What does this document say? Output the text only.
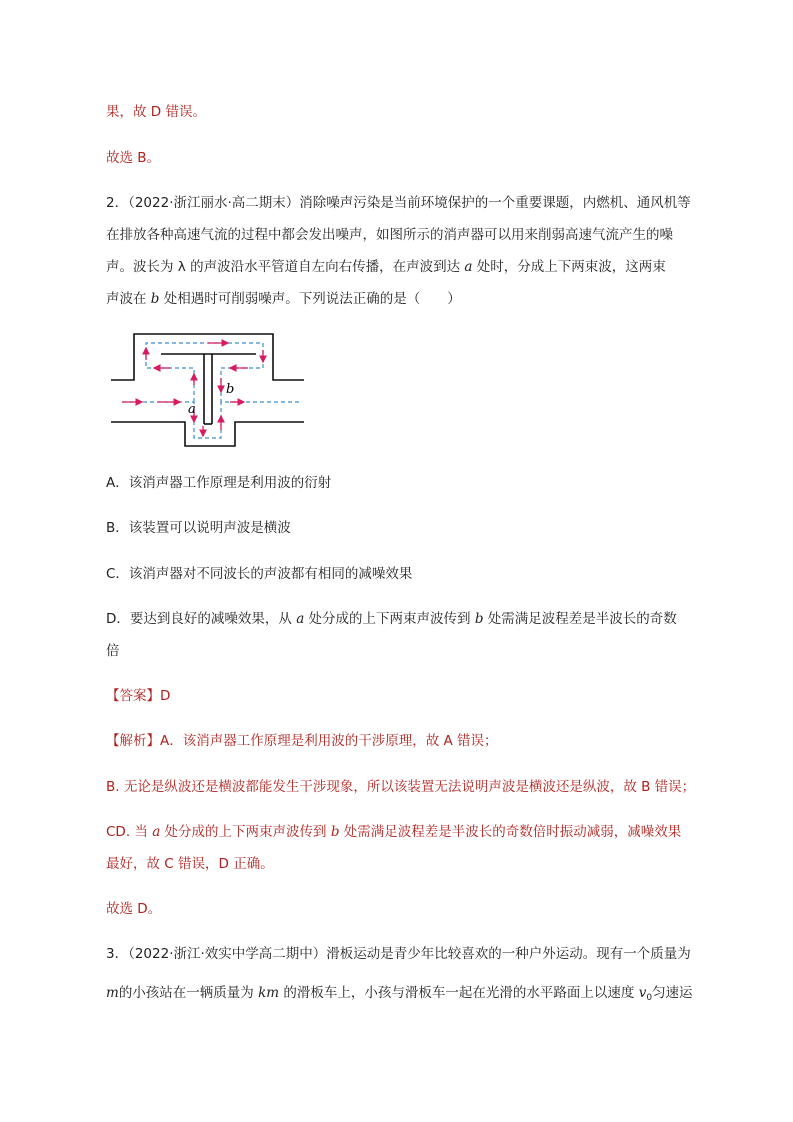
果，故 D 错误。
故选 B。
2．（2022·浙江丽水·高二期末）消除噪声污染是当前环境保护的一个重要课题，内燃机、通风机等
在排放各种高速气流的过程中都会发出噪声，如图所示的消声器可以用来削弱高速气流产生的噪
声。波长为 λ 的声波沿水平管道自左向右传播，在声波到达 a 处时，分成上下两束波，这两束
声波在 b 处相遇时可削弱噪声。下列说法正确的是（　　）
a
b
A．该消声器工作原理是利用波的衍射
B．该装置可以说明声波是横波
C．该消声器对不同波长的声波都有相同的减噪效果
D．要达到良好的减噪效果，从 a 处分成的上下两束声波传到 b 处需满足波程差是半波长的奇数
倍
【答案】D
【解析】A．该消声器工作原理是利用波的干涉原理，故 A 错误；
B. 无论是纵波还是横波都能发生干涉现象，所以该装置无法说明声波是横波还是纵波，故 B 错误；
CD. 当 a 处分成的上下两束声波传到 b 处需满足波程差是半波长的奇数倍时振动减弱，减噪效果
最好，故 C 错误，D 正确。
故选 D。
3．（2022·浙江·效实中学高二期中）滑板运动是青少年比较喜欢的一种户外运动。现有一个质量为
m的小孩站在一辆质量为 km 的滑板车上，小孩与滑板车一起在光滑的水平路面上以速度 $v_0$匀速运
